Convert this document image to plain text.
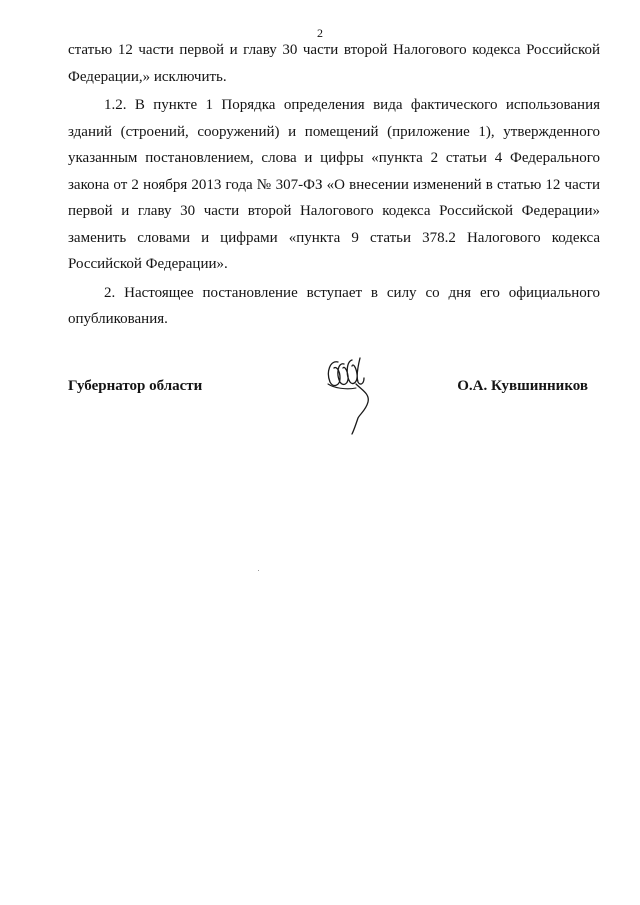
2

статью 12 части первой и главу 30 части второй Налогового кодекса Российской Федерации,» исключить.

1.2. В пункте 1 Порядка определения вида фактического использования зданий (строений, сооружений) и помещений (приложение 1), утвержденного указанным постановлением, слова и цифры «пункта 2 статьи 4 Федерального закона от 2 ноября 2013 года № 307-ФЗ «О внесении изменений в статью 12 части первой и главу 30 части второй Налогового кодекса Российской Федерации» заменить словами и цифрами «пункта 9 статьи 378.2 Налогового кодекса Российской Федерации».

2. Настоящее постановление вступает в силу со дня его официального опубликования.

Губернатор области	О.А. Кувшинников
